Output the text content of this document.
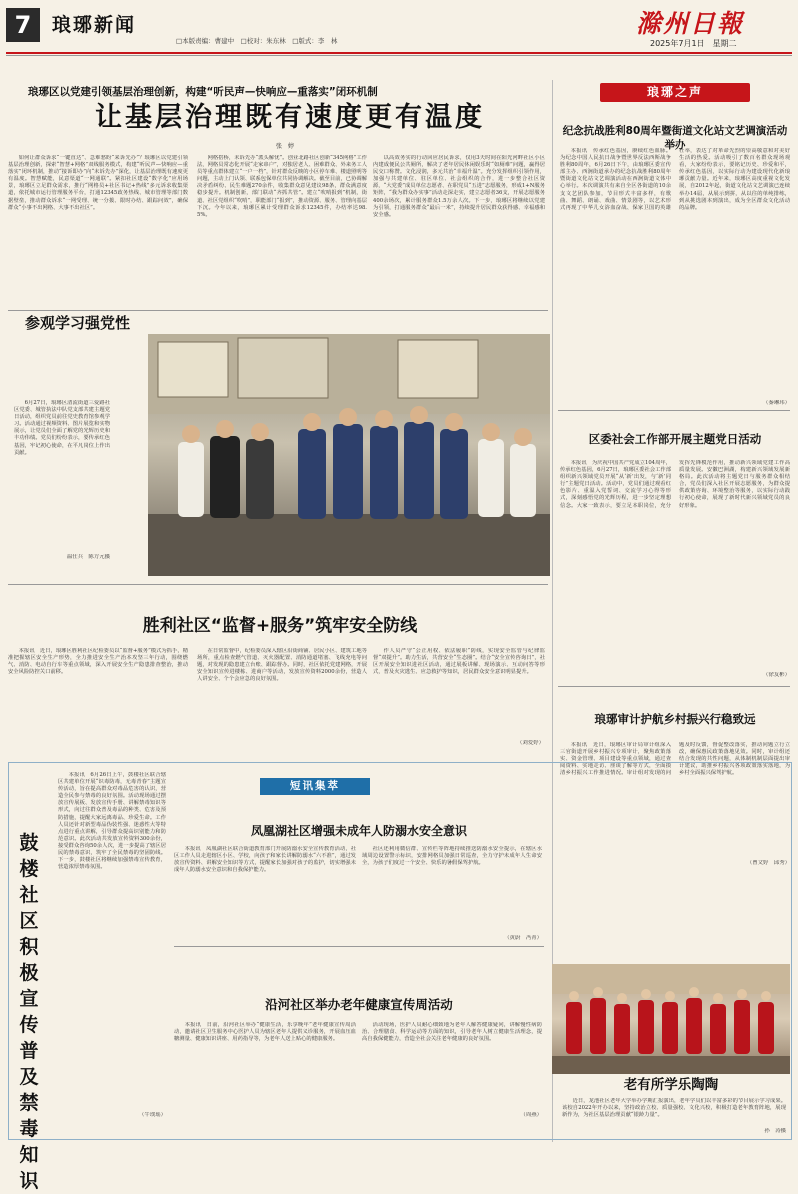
7	琅琊新闻
□本版责编：曹建中　□校对：朱东林　□版式：李　林
滁州日報
2025年7月1日　星期二
琅琊区以党建引领基层治理创新，构建“听民声—快响应—重落实”闭环机制
让基层治理既有速度更有温度
张　婷

如何让群众诉求“一键直达”、急难愁盼“来诉先办”？琅琊区以党建引领基层治理创新，探索“智慧+网格”双线服务模式，构建“听民声—快响应—重落实”闭环机制，推动“接诉即办”向“未诉先办”深化，让基层治理既有速度更有温度。智慧赋能，民意渠道“一网通联”。紧扣社区建设“数字化”应用场景，琅琊区立足群众需求，推行“网格员+社区书记+热线”多元诉求收集渠道，依托城市运行管理服务平台，打通12345政务热线、城市管理等部门数据壁垒，推动群众诉求“一网受理、统一分拨、限时办结、跟踪问效”，确保群众“小事不出网格、大事不出社区”。

网格搭桥，未诉先办“派头解忧”。创业北路社区创新“345网格”工作法，网格员常态化开展“走家串户”，对独居老人、困难群众、外来务工人员等重点群体建立“一户一档”，针对群众反映的小区停车难、楼道照明等问题，主动上门认领、联系包保单位共同协调解决。截至目前，已协调解决矛盾纠纷、民生难题270余件，收集群众意见建议98条，群众满意度稳步提升。机制创新，部门联动“齐抓共管”。建立“吹哨报到”机制，街道、社区党组织“吹哨”，职能部门“报到”，推动资源、服务、管理向基层下沉。今年以来，琅琊区累计受理群众诉求12345件，办结率达98.5%。

以高效务实的行动回应居民诉求，仅用3天时间在阳光河畔社区小区内建成便民公共厕所，解决了老年居民休闲娱乐时“如厕难”问题，赢得居民交口称赞。文化浸润，多元共治“幸福升温”。充分发挥组织引领作用，加强与共建单位、驻区单位、社会组织的合作，进一步整合社区资源，“大党委”成员单位志愿者、在职党员“五进”志愿服务，形成1+N服务矩阵，“我为群众办实事”活动走深走实，建立志愿者36支，开展志愿服务400余场次，累计服务群众1.5万余人次。下一步，琅琊区将继续以党建为引领，打通服务群众“最后一米”，持续提升居民群众获得感、幸福感和安全感。

参观学习强党性

6月27日，琅琊区清流街道三爱路社区党委、城管执法中队党支部共建主题党日活动，组织党员前往党史教育馆参观学习。活动通过视频资料、图片展览和实物展示，让党员们全面了解党的光辉历史和丰功伟绩。党员们纷纷表示，要传承红色基因，牢记初心使命，在平凡岗位上作出贡献。

温仕兵　陈方元摄
胜利社区“监督+服务”筑牢安全防线

本报讯　近日，琅琊区胜利社区纪检委员以“监督+服务”模式为抓手，精准把握辖区安全生产形势，全力推进安全生产治本攻坚三年行动，围绕燃气、消防、电动自行车等重点领域，深入开展安全生产隐患排查整治，推动安全风险防控关口前移。

在日常监督中，纪检委员深入辖区沿街商铺、居民小区、建筑工地等场所，重点检查燃气管道、灭火器配置、消防通道堵塞、飞线充电等问题，对发现的隐患建立台账、跟踪督办。同时，社区依托党建网格，开展安全知识宣传进楼栋、进商户等活动，发放宣传资料2000余份，营造人人讲安全、个个会应急的良好氛围。

作人员严守“公正用权、依法履职”防线，实现安全监管与纪律监督“双提升”。助力生活，共营安全“生态圈”。结合“安全宣传咨询日”，社区开展安全知识进社区活动，通过展板讲解、现场演示、互动问答等形式，普及火灾逃生、应急救护等知识，居民群众安全意识明显提升。

（刘爱婷）
琅琊之声
纪念抗战胜利80周年暨街道文化站文艺调演活动举办

本报讯　传承红色基因，赓续红色血脉。为纪念中国人民抗日战争暨世界反法西斯战争胜利80周年，6月26日下午，由琅琊区委宣传部主办、西涧街道承办的纪念抗战胜利80周年暨街道文化站文艺调演活动在西涧街道文体中心举行。本次调演共有来自全区各街道的10余支文艺团队参加，节目形式丰富多样，有歌曲、舞蹈、朗诵、戏曲、情景剧等，以艺术形式再现了中华儿女浴血奋战、保家卫国的英雄壮举，表达了对革命先烈的崇高敬意和对美好生活的热爱。活动吸引了数百名群众现场观看，大家纷纷表示，要铭记历史、珍爱和平，传承红色基因，以实际行动为建设现代化新琅琊贡献力量。近年来，琅琊区高度重视文化发展，自2012年起，街道文化站文艺调演已连续举办14届，从展示到拼，从以往的单纯排练，到从挑选剧本到演出，成为全区群众文化活动的品牌。

（秦琳玮）
区委社会工作部开展主题党日活动

本报讯　为庆祝中国共产党成立104周年，传承红色基因，6月27日，琅琊区委社会工作部组织新兴领域党员开展“从‘新’出发，与‘新’同行”主题党日活动。活动中，党员们通过观看红色影片、重温入党誓词、交流学习心得等形式，深刻感悟党的光辉历程，进一步坚定理想信念。大家一致表示，要立足本职岗位，充分发挥先锋模范作用，推动新兴领域党建工作高质量发展。安徽巴洲湖，构建新兴领域发展新格局。此次活动将主题党日与服务群众相结合，党员们深入社区开展志愿服务，为群众提供政策咨询、环境整治等服务，以实际行动践行初心使命，展现了新时代新兴领域党员的良好形象。

（徐友彬）
琅琊审计护航乡村振兴行稳致远

本报讯　近日，琅琊区审计局审计组深入三官街道开展乡村振兴专项审计，聚焦政策落实、资金管理、项目建设等重点领域，通过查阅资料、实地走访、座谈了解等方式，全面摸清乡村振兴工作推进情况。审计组对发现的问题及时反馈，督促整改落实，推动问题立行立改，确保惠民政策落地见效。同时，审计组还结合发现的共性问题，从体制机制层面提出审计建议，助推乡村振兴各项政策落实落地，为乡村全面振兴保驾护航。

（曹文婷　邱秀）
鼓楼社区积极宣传普及禁毒知识

本报讯　6月26日上午，鼓楼社区联合辖区共建单位开展“识毒防毒，无毒青春”主题宣传活动，旨在提高群众对毒品危害的认识，营造全民参与禁毒的良好氛围。活动现场通过摆放宣传展板、发放宣传手册、讲解禁毒知识等形式，向过往群众普及毒品的种类、危害及预防措施，提醒大家远离毒品、珍爱生命。工作人员还针对新型毒品伪装性强、迷惑性大等特点进行重点讲解，引导群众提高识别能力和防范意识。此次活动共发放宣传资料300余份，接受群众咨询50余人次，进一步提高了辖区居民的禁毒意识，筑牢了全民禁毒的坚固防线。下一步，鼓楼社区将继续加强禁毒宣传教育，营造浓厚禁毒氛围。

（牛璞瑶）
短讯集萃
凤凰湖社区增强未成年人防溺水安全意识

本报讯　凤凰湖社区联合街道教育部门开展防溺水安全宣传教育活动，社区工作人员走进辖区小区、学校，向孩子和家长讲解防溺水“六不准”，通过发放宣传资料、讲解安全知识等方式，提醒家长加强对孩子的监护，切实增强未成年人防溺水安全意识和自我保护能力。

社区还利用微信群、宣传栏等阵地持续推送防溺水安全提示，在辖区水域周边设置警示标识，安排网格员加强日常巡查，全力守护未成年人生命安全，为孩子们度过一个安全、快乐的暑假保驾护航。

（黄蔚　冯菁）
沿河社区举办老年健康宣传周活动

本报讯　日前，沿河社区举办“健康生活，乐享晚年”老年健康宣传周活动，邀请社区卫生服务中心医护人员为辖区老年人提供义诊服务，开展血压血糖测量、健康知识讲座、用药指导等，为老年人送上贴心的健康服务。

活动现场，医护人员耐心细致地为老年人解答健康疑问，讲解慢性病防治、合理膳食、科学运动等方面的知识，引导老年人树立健康生活理念，提高自我保健能力，营造全社会关注老年健康的良好氛围。

（周燕）
老有所学乐陶陶

近日，龙池社区老年大学举办学期汇报演出，老年学员们以丰富多彩的节目展示学习成果。该校自2022年开办以来，坚持政治立校、质量强校、文化兴校，积极打造老年教育阵地，展现新作为，为社区基层治理贡献“银龄力量”。

孙　涛摄
